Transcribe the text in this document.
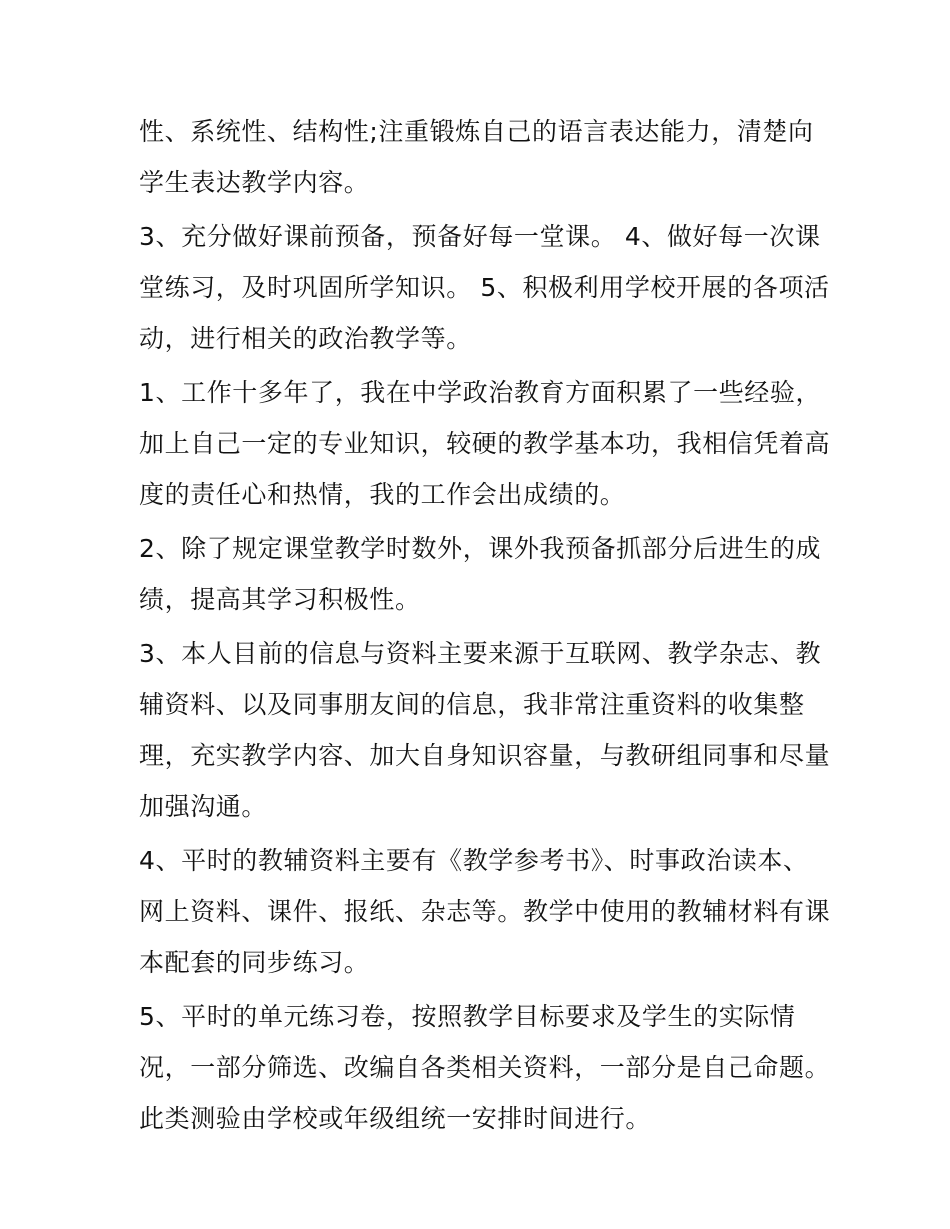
性、系统性、结构性;注重锻炼自己的语言表达能力，清楚向
学生表达教学内容。
3、充分做好课前预备，预备好每一堂课。 4、做好每一次课
堂练习，及时巩固所学知识。 5、积极利用学校开展的各项活
动，进行相关的政治教学等。
1、工作十多年了，我在中学政治教育方面积累了一些经验，
加上自己一定的专业知识，较硬的教学基本功，我相信凭着高
度的责任心和热情，我的工作会出成绩的。
2、除了规定课堂教学时数外，课外我预备抓部分后进生的成
绩，提高其学习积极性。
3、本人目前的信息与资料主要来源于互联网、教学杂志、教
辅资料、以及同事朋友间的信息，我非常注重资料的收集整
理，充实教学内容、加大自身知识容量，与教研组同事和尽量
加强沟通。
4、平时的教辅资料主要有《教学参考书》、时事政治读本、
网上资料、课件、报纸、杂志等。教学中使用的教辅材料有课
本配套的同步练习。
5、平时的单元练习卷，按照教学目标要求及学生的实际情
况，一部分筛选、改编自各类相关资料，一部分是自己命题。
此类测验由学校或年级组统一安排时间进行。
